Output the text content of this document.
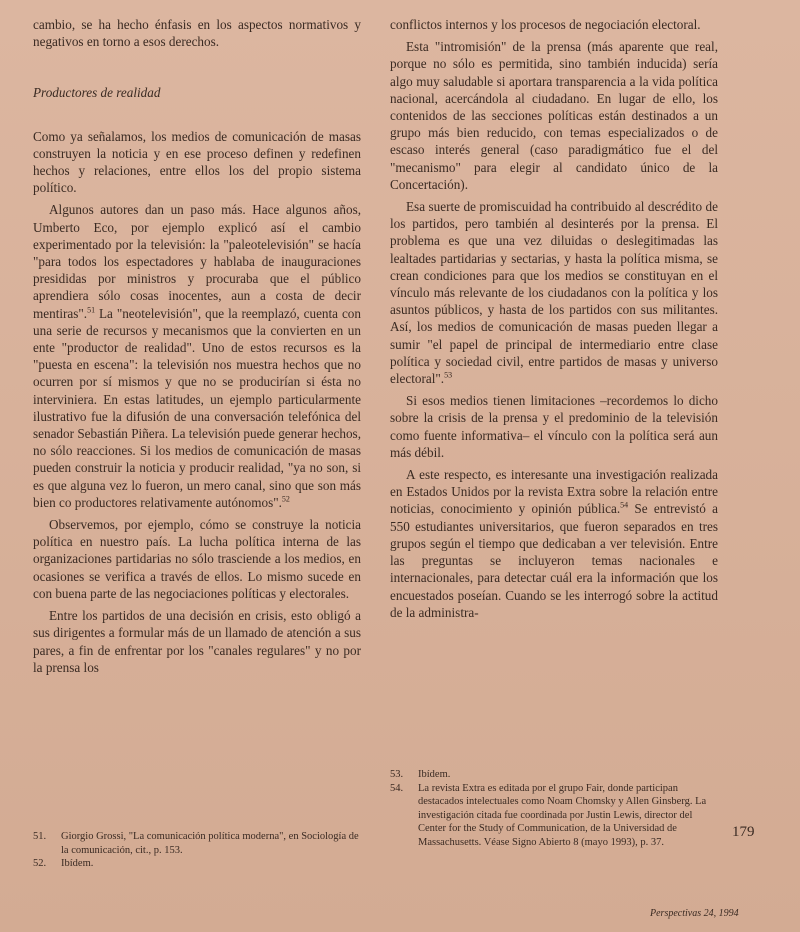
cambio, se ha hecho énfasis en los aspectos normativos y negativos en torno a esos derechos.

Productores de realidad

Como ya señalamos, los medios de comunicación de masas construyen la noticia y en ese proceso definen y redefinen hechos y relaciones, entre ellos los del propio sistema político.

Algunos autores dan un paso más. Hace algunos años, Umberto Eco, por ejemplo explicó así el cambio experimentado por la televisión: la "paleotelevisión" se hacía "para todos los espectadores y hablaba de inauguraciones presididas por ministros y procuraba que el público aprendiera sólo cosas inocentes, aun a costa de decir mentiras".$^{51}$ La "neotelevisión", que la reemplazó, cuenta con una serie de recursos y mecanismos que la convierten en un ente "productor de realidad". Uno de estos recursos es la "puesta en escena": la televisión nos muestra hechos que no ocurren por sí mismos y que no se producirían si ésta no interviniera. En estas latitudes, un ejemplo particularmente ilustrativo fue la difusión de una conversación telefónica del senador Sebastián Piñera. La televisión puede generar hechos, no sólo reacciones. Si los medios de comunicación de masas pueden construir la noticia y producir realidad, "ya no son, si es que alguna vez lo fueron, un mero canal, sino que son más bien co productores relativamente autónomos".$^{52}$

Observemos, por ejemplo, cómo se construye la noticia política en nuestro país. La lucha política interna de las organizaciones partidarias no sólo trasciende a los medios, en ocasiones se verifica a través de ellos. Lo mismo sucede en con buena parte de las negociaciones políticas y electorales.

Entre los partidos de una decisión en crisis, esto obligó a sus dirigentes a formular más de un llamado de atención a sus pares, a fin de enfrentar por los "canales regulares" y no por la prensa los

conflictos internos y los procesos de negociación electoral.

Esta "intromisión" de la prensa (más aparente que real, porque no sólo es permitida, sino también inducida) sería algo muy saludable si aportara transparencia a la vida política nacional, acercándola al ciudadano. En lugar de ello, los contenidos de las secciones políticas están destinados a un grupo más bien reducido, con temas especializados o de escaso interés general (caso paradigmático fue el del "mecanismo" para elegir al candidato único de la Concertación).

Esa suerte de promiscuidad ha contribuido al descrédito de los partidos, pero también al desinterés por la prensa. El problema es que una vez diluidas o deslegitimadas las lealtades partidarias y sectarias, y hasta la política misma, se crean condiciones para que los medios se constituyan en el vínculo más relevante de los ciudadanos con la política y los asuntos públicos, y hasta de los partidos con sus militantes. Así, los medios de comunicación de masas pueden llegar a sumir "el papel de principal de intermediario entre clase política y sociedad civil, entre partidos de masas y universo electoral".$^{53}$

Si esos medios tienen limitaciones –recordemos lo dicho sobre la crisis de la prensa y el predominio de la televisión como fuente informativa– el vínculo con la política será aun más débil.

A este respecto, es interesante una investigación realizada en Estados Unidos por la revista Extra sobre la relación entre noticias, conocimiento y opinión pública.$^{54}$ Se entrevistó a 550 estudiantes universitarios, que fueron separados en tres grupos según el tiempo que dedicaban a ver televisión. Entre las preguntas se incluyeron temas nacionales e internacionales, para detectar cuál era la información que los encuestados poseían. Cuando se les interrogó sobre la actitud de la administra-

51.	Giorgio Grossi, "La comunicación política moderna", en Sociología de la comunicación, cit., p. 153.
52.	Ibídem.
53.	Ibídem.
54.	La revista Extra es editada por el grupo Fair, donde participan destacados intelectuales como Noam Chomsky y Allen Ginsberg. La investigación citada fue coordinada por Justin Lewis, director del Center for the Study of Communication, de la Universidad de Massachusetts. Véase Signo Abierto 8 (mayo 1993), p. 37.
179
Perspectivas 24, 1994
